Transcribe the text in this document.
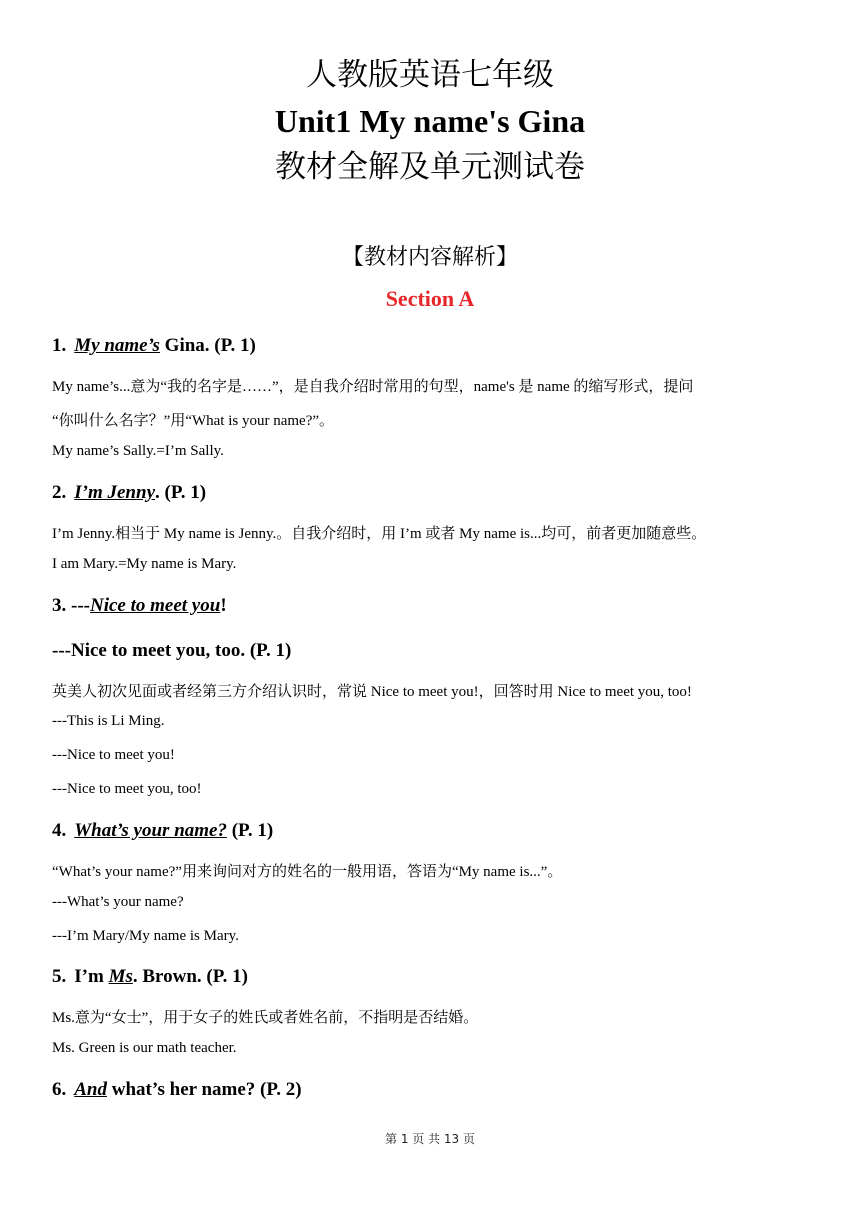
人教版英语七年级
Unit1 My name's Gina
教材全解及单元测试卷
【教材内容解析】
Section A
1. My name’s Gina. (P. 1)
My name’s...意为“我的名字是……”，是自我介绍时常用的句型，name's 是 name 的缩写形式，提问
“你叫什么名字？”用“What is your name?”。
My name’s Sally.=I’m Sally.
2. I’m Jenny. (P. 1)
I’m Jenny.相当于 My name is Jenny.。自我介绍时，用 I’m 或者 My name is...均可，前者更加随意些。
I am Mary.=My name is Mary.
3. ---Nice to meet you!
---Nice to meet you, too. (P. 1)
英美人初次见面或者经第三方介绍认识时，常说 Nice to meet you!，回答时用 Nice to meet you, too!
---This is Li Ming.
---Nice to meet you!
---Nice to meet you, too!
4. What’s your name? (P. 1)
“What’s your name?”用来询问对方的姓名的一般用语，答语为“My name is...”。
---What’s your name?
---I’m Mary/My name is Mary.
5. I’m Ms. Brown. (P. 1)
Ms.意为“女士”，用于女子的姓氏或者姓名前，不指明是否结婚。
Ms. Green is our math teacher.
6. And what’s her name? (P. 2)
第 1 页 共 13 页
